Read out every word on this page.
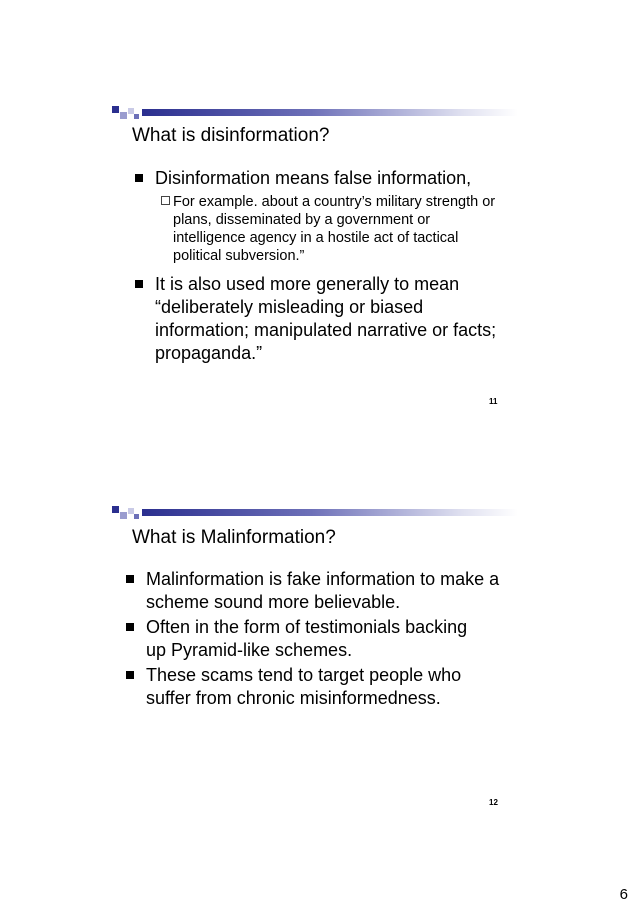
What is disinformation?
Disinformation means false information,
For example. about a country’s military strength or plans, disseminated by a government or intelligence agency in a hostile act of tactical political subversion.”
It is also used more generally to mean “deliberately misleading or biased information; manipulated narrative or facts; propaganda.”
11
What is Malinformation?
Malinformation is fake information to make a scheme sound more believable.
Often in the form of testimonials backing up Pyramid-like schemes.
These scams tend to target people who suffer from chronic misinformedness.
12
6
